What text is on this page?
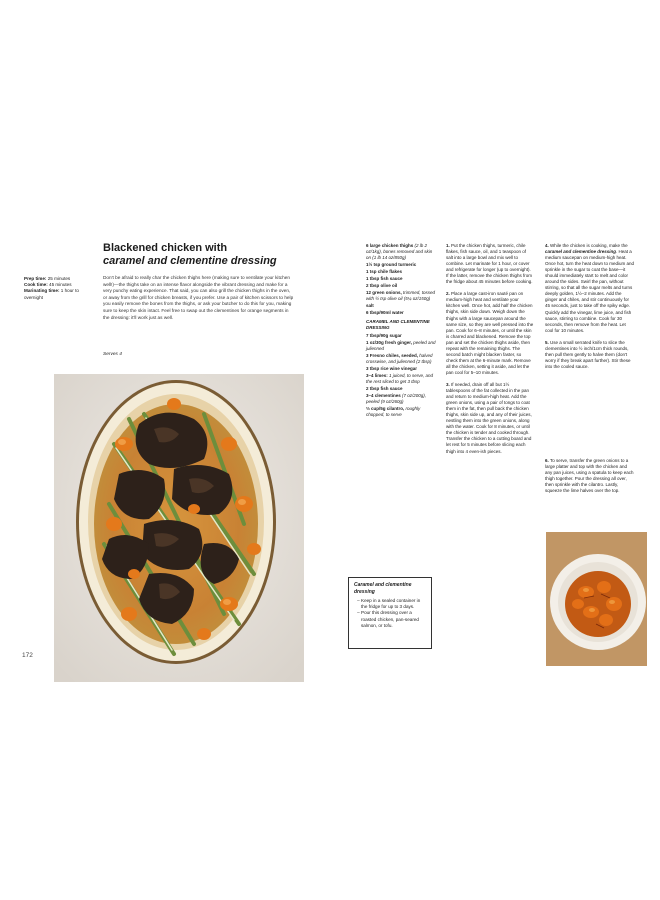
Blackened chicken with
caramel and clementine dressing
Prep time: 25 minutes
Cook time: 45 minutes
Marinating time: 1 hour to overnight
Don't be afraid to really char the chicken thighs here (making sure to ventilate your kitchen well!)—the thighs take on an intense flavor alongside the vibrant dressing and make for a very punchy eating experience. That said, you can also grill the chicken thighs in the oven, or away from the grill for chicken breasts, if you prefer. Use a pair of kitchen scissors to help you easily remove the bones from the thighs, or ask your butcher to do this for you, making sure to keep the skin intact. Feel free to swap out the clementines for orange segments in the dressing: it'll work just as well.
Serves 4
172
6 large chicken thighs (2 lb 2 oz/1kg), bones removed and skin on (1 lb 14 oz/850g)
1½ tsp ground turmeric
1 tsp chile flakes
1 tbsp fish sauce
2 tbsp olive oil
12 green onions, trimmed, tossed with ½ tsp olive oil (5¼ oz/150g)
salt
6 tbsp/90ml water
CARAMEL AND CLEMENTINE DRESSING
7 tbsp/90g sugar
1 oz/30g fresh ginger, peeled and julienned
3 Fresno chiles, seeded, halved crosswise, and julienned (2 tbsp)
3 tbsp rice wine vinegar
3–4 limes: 1 juiced, to serve, and the rest sliced to get 3 tbsp
2 tbsp fish sauce
3–4 clementines (7 oz/200g), peeled (9 oz/260g)
⅔ cup/5g cilantro, roughly chopped, to serve
Caramel and clementine dressing
– Keep in a sealed container in the fridge for up to 3 days.
– Pour this dressing over a roasted chicken, pan-seared salmon, or tofu.
1. Put the chicken thighs, turmeric, chile flakes, fish sauce, oil, and 1 teaspoon of salt into a large bowl and mix well to combine. Let marinate for 1 hour, or cover and refrigerate for longer (up to overnight). If the latter, remove the chicken thighs from the fridge about 45 minutes before cooking.
2. Place a large cast-iron sauté pan on medium-high heat and ventilate your kitchen well. Once hot, add half the chicken thighs, skin side down. Weigh down the thighs with a large saucepan around the same size, so they are well pressed into the pan. Cook for 6–8 minutes, or until the skin is charred and blackened. Remove the top pan and set the chicken thighs aside, then repeat with the remaining thighs. The second batch might blacken faster, so check them at the 6-minute mark. Remove all the chicken, setting it aside, and let the pan cool for 5–10 minutes.
3. If needed, drain off all but 1½ tablespoons of the fat collected in the pan and return to medium-high heat. Add the green onions, using a pair of tongs to coat them in the fat, then pull back the chicken thighs, skin side up, and any of their juices, nestling them into the green onions, along with the water. Cook for 8 minutes, or until the chicken is tender and cooked through. Transfer the chicken to a cutting board and let rest for 5 minutes before slicing each thigh into 4 even-ish pieces.
4. While the chicken is cooking, make the caramel and clementine dressing. Heat a medium saucepan on medium-high heat. Once hot, turn the heat down to medium and sprinkle in the sugar to coat the base—it should immediately start to melt and color around the sides. Swirl the pan, without stirring, so that all the sugar melts and turns deeply golden, 1½–2 minutes. Add the ginger and chiles, and stir continuously for 45 seconds, just to take off the spiky edge. Quickly add the vinegar, lime juice, and fish sauce, stirring to combine. Cook for 30 seconds, then remove from the heat. Let cool for 10 minutes.
5. Use a small serrated knife to slice the clementines into ½ inch/1cm thick rounds, then pull them gently to halve them (don't worry if they break apart further). Stir these into the cooled sauce.
6. To serve, transfer the green onions to a large platter and top with the chicken and any pan juices, using a spatula to keep each thigh together. Pour the dressing all over, then sprinkle with the cilantro. Lastly, squeeze the lime halves over the top.
